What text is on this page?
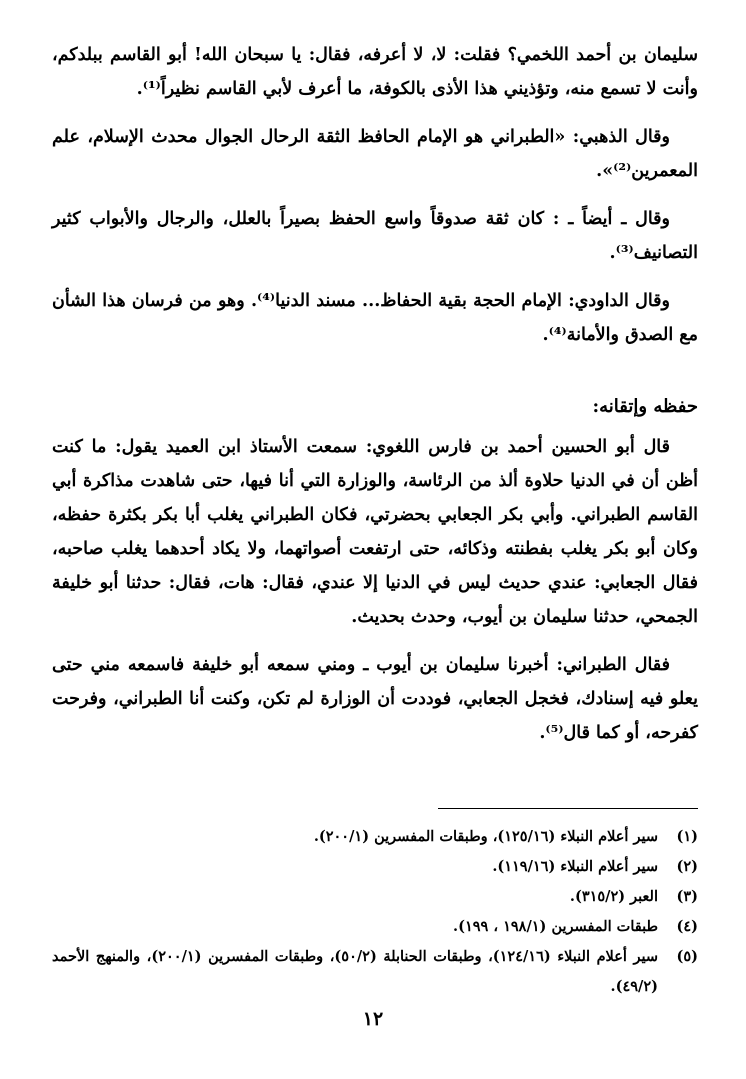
سليمان بن أحمد اللخمي؟ فقلت: لا، لا أعرفه، فقال: يا سبحان الله! أبو القاسم ببلدكم، وأنت لا تسمع منه، وتؤذيني هذا الأذى بالكوفة، ما أعرف لأبي القاسم نظيراً⁽¹⁾.

وقال الذهبي: «الطبراني هو الإمام الحافظ الثقة الرحال الجوال محدث الإسلام، علم المعمرين⁽²⁾».

وقال ـ أيضاً ـ : كان ثقة صدوقاً واسع الحفظ بصيراً بالعلل، والرجال والأبواب كثير التصانيف⁽³⁾.

وقال الداودي: الإمام الحجة بقية الحفاظ... مسند الدنيا⁽⁴⁾. وهو من فرسان هذا الشأن مع الصدق والأمانة⁽⁴⁾.

حفظه وإتقانه:

قال أبو الحسين أحمد بن فارس اللغوي: سمعت الأستاذ ابن العميد يقول: ما كنت أظن أن في الدنيا حلاوة ألذ من الرئاسة، والوزارة التي أنا فيها، حتى شاهدت مذاكرة أبي القاسم الطبراني. وأبي بكر الجعابي بحضرتي، فكان الطبراني يغلب أبا بكر بكثرة حفظه، وكان أبو بكر يغلب بفطنته وذكائه، حتى ارتفعت أصواتهما، ولا يكاد أحدهما يغلب صاحبه، فقال الجعابي: عندي حديث ليس في الدنيا إلا عندي، فقال: هات، فقال: حدثنا أبو خليفة الجمحي، حدثنا سليمان بن أيوب، وحدث بحديث.

فقال الطبراني: أخبرنا سليمان بن أيوب ـ ومني سمعه أبو خليفة فاسمعه مني حتى يعلو فيه إسنادك، فخجل الجعابي، فوددت أن الوزارة لم تكن، وكنت أنا الطبراني، وفرحت كفرحه، أو كما قال⁽⁵⁾.

(١)
سير أعلام النبلاء (١٢٥/١٦)، وطبقات المفسرين (٢٠٠/١).
(٢)
سير أعلام النبلاء (١١٩/١٦).
(٣)
العبر (٣١٥/٢).
(٤)
طبقات المفسرين (١٩٨/١ ، ١٩٩).
(٥)
سير أعلام النبلاء (١٢٤/١٦)، وطبقات الحنابلة (٥٠/٢)، وطبقات المفسرين (٢٠٠/١)، والمنهج الأحمد (٤٩/٢).
١٢
